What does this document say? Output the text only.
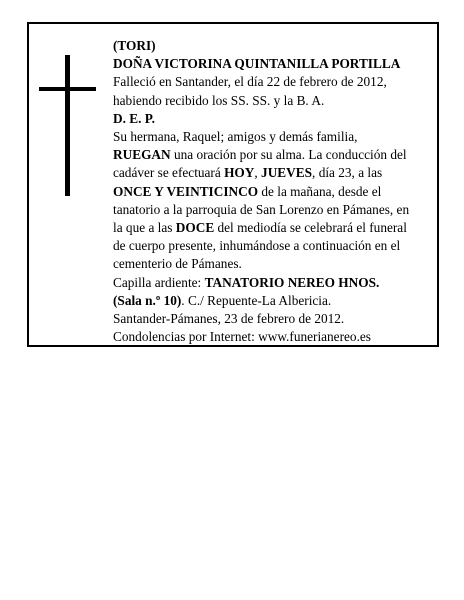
(TORI)
DOÑA VICTORINA QUINTANILLA PORTILLA
Falleció en Santander, el día 22 de febrero de 2012,
habiendo recibido los SS. SS. y la B. A.
D. E. P.
Su hermana, Raquel; amigos y demás familia,
RUEGAN una oración por su alma. La conducción del
cadáver se efectuará HOY, JUEVES, día 23, a las
ONCE Y VEINTICINCO de la mañana, desde el
tanatorio a la parroquia de San Lorenzo en Pámanes, en
la que a las DOCE del mediodía se celebrará el funeral
de cuerpo presente, inhumándose a continuación en el
cementerio de Pámanes.
Capilla ardiente: TANATORIO NEREO HNOS.
(Sala n.º 10). C./ Repuente-La Albericia.
Santander-Pámanes, 23 de febrero de 2012.
Condolencias por Internet: www.funerianereo.es
